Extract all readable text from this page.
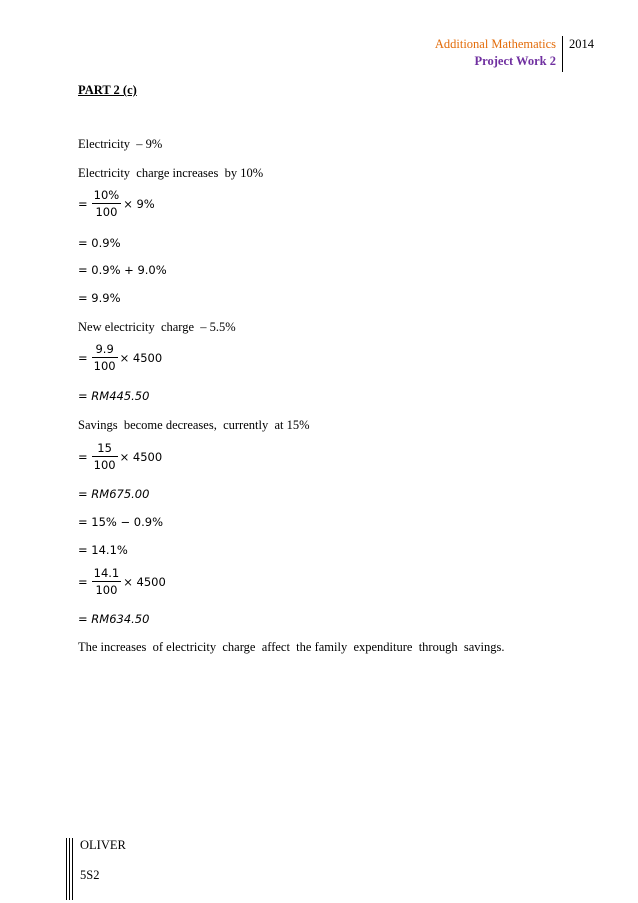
Additional Mathematics
Project Work 2
2014
PART 2 (c)
Electricity  – 9%
Electricity  charge increases  by 10%
= $\frac{10\%}{100} \times 9\%$
= 0.9%
= 0.9% + 9.0%
= 9.9%
New electricity  charge  – 5.5%
= $\frac{9.9}{100} \times 4500$
= RM445.50
Savings  become decreases,  currently  at 15%
= $\frac{15}{100} \times 4500$
= RM675.00
= 15% − 0.9%
= 14.1%
= $\frac{14.1}{100} \times 4500$
= RM634.50
The increases  of electricity  charge  affect  the family  expenditure  through  savings.
OLIVER
5S2
